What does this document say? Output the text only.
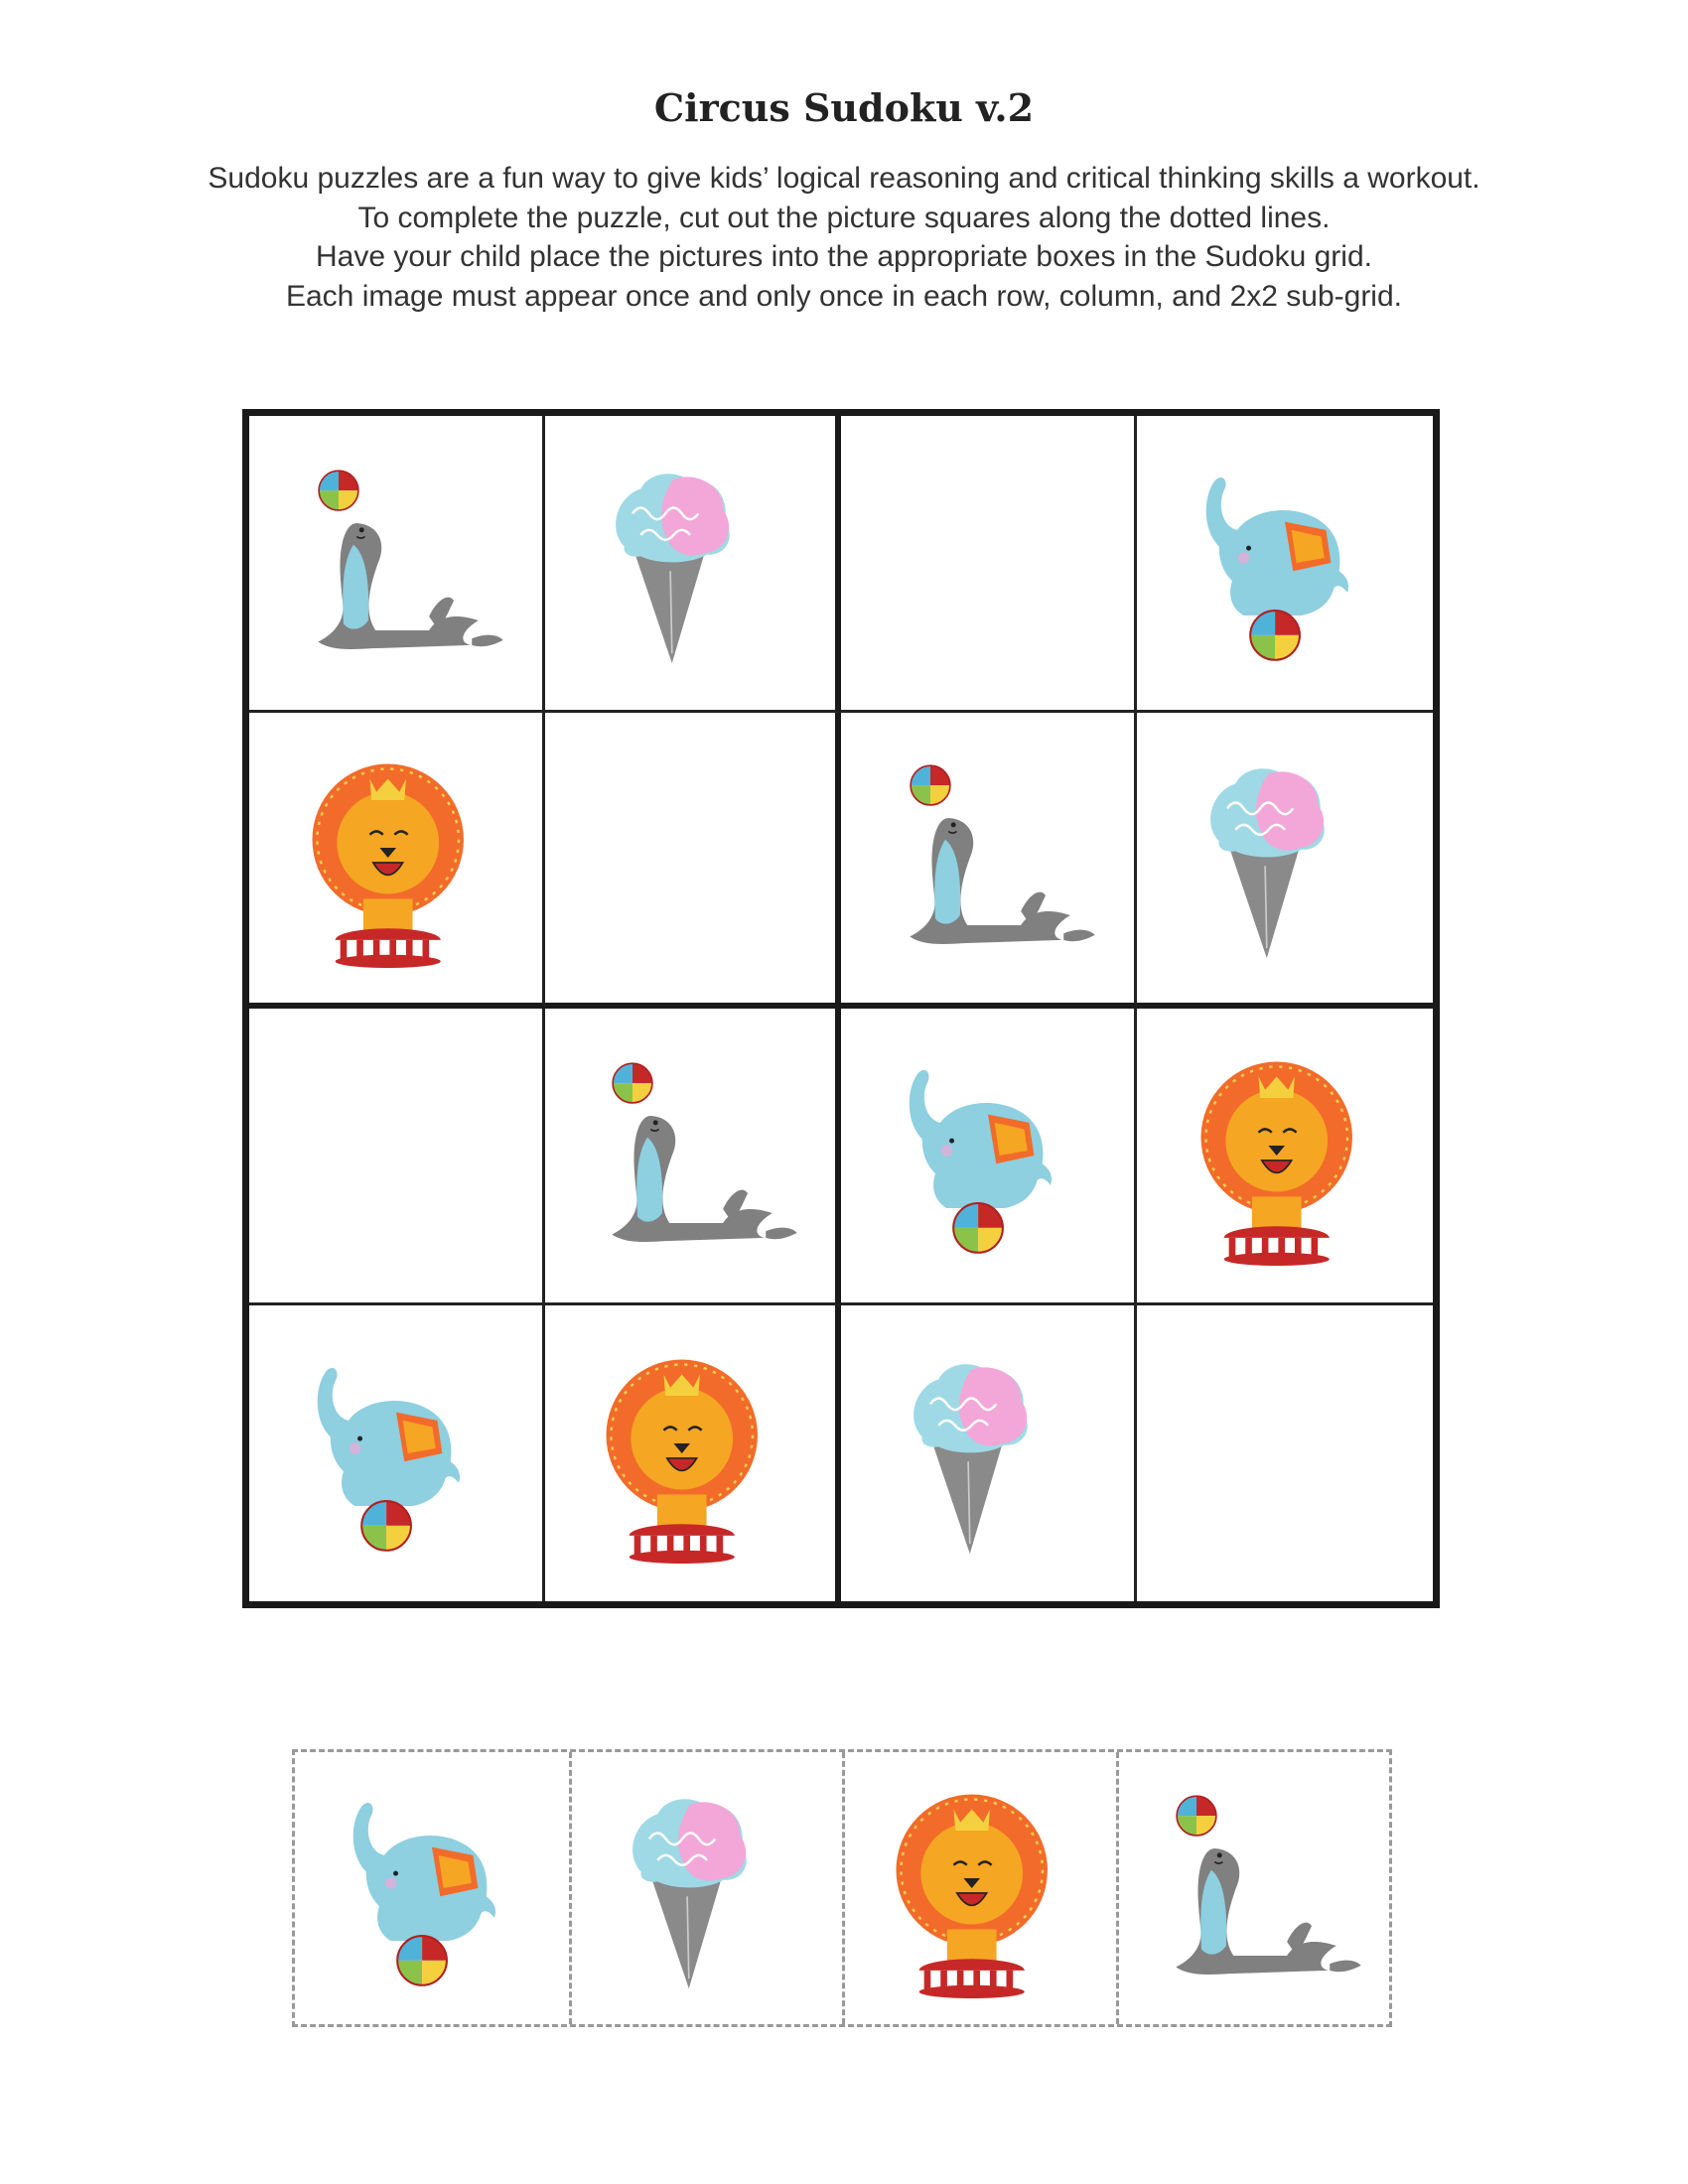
Circus Sudoku v.2
Sudoku puzzles are a fun way to give kids’ logical reasoning and critical thinking skills a workout.
To complete the puzzle, cut out the picture squares along the dotted lines.
Have your child place the pictures into the appropriate boxes in the Sudoku grid.
Each image must appear once and only once in each row, column, and 2x2 sub-grid.
